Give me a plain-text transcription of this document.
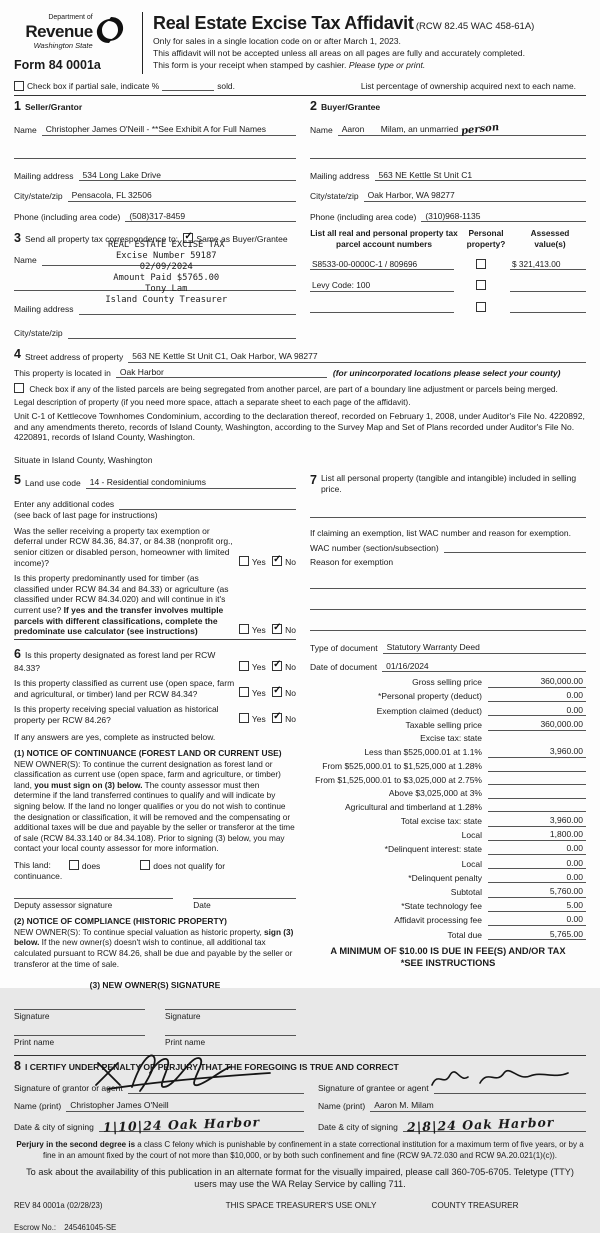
Department of
Revenue
Washington State
Form 84 0001a
Real Estate Excise Tax Affidavit (RCW 82.45 WAC 458-61A)
Only for sales in a single location code on or after March 1, 2023.
This affidavit will not be accepted unless all areas on all pages are fully and accurately completed.
This form is your receipt when stamped by cashier. Please type or print.
Check box if partial sale, indicate %	sold.	List percentage of ownership acquired next to each name.
1 Seller/Grantor
Name	Christopher James O'Neill - **See Exhibit A for Full Names
Mailing address	534 Long Lake Drive
City/state/zip	Pensacola, FL 32506
Phone (including area code)	(508)317-8459
2 Buyer/Grantee
Name	Aaron Milam, an unmarried person
Mailing address	563 NE Kettle St Unit C1
City/state/zip	Oak Harbor, WA 98277
Phone (including area code)	(310)968-1135
3 Send all property tax correspondence to: ✓ Same as Buyer/Grantee
Name
Mailing address
City/state/zip
REAL ESTATE EXCISE TAX
Excise Number 59187
02/09/2024
Amount Paid $5765.00
Tony Lam
Island County Treasurer
List all real and personal property tax parcel account numbers
Personal property?
Assessed value(s)
S8533-00-0000C-1 / 809696	$ 321,413.00
Levy Code: 100
4 Street address of property	563 NE Kettle St Unit C1, Oak Harbor, WA 98277
This property is located in	Oak Harbor	(for unincorporated locations please select your county)
Check box if any of the listed parcels are being segregated from another parcel, are part of a boundary line adjustment or parcels being merged.
Legal description of property (if you need more space, attach a separate sheet to each page of the affidavit).
Unit C-1 of Kettlecove Townhomes Condominium, according to the declaration thereof, recorded on February 1, 2008, under Auditor's File No. 4220892, and any amendments thereto, records of Island County, Washington, according to the Survey Map and Set of Plans recorded under Auditor's File No. 4220891, records of Island County, Washington.
Situate in Island County, Washington
5 Land use code	14 - Residential condominiums
Enter any additional codes
(see back of last page for instructions)
Was the seller receiving a property tax exemption or deferral under RCW 84.36, 84.37, or 84.38 (nonprofit org., senior citizen or disabled person, homeowner with limited income)?	Yes ✓ No
Is this property predominantly used for timber (as classified under RCW 84.34 and 84.33) or agriculture (as classified under RCW 84.34.020) and will continue in it's current use? If yes and the transfer involves multiple parcels with different classifications, complete the predominate use calculator (see instructions)	Yes ✓ No
6 Is this property designated as forest land per RCW 84.33?	Yes ✓ No
Is this property classified as current use (open space, farm and agricultural, or timber) land per RCW 84.34?	Yes ✓ No
Is this property receiving special valuation as historical property per RCW 84.26?	Yes ✓ No
If any answers are yes, complete as instructed below.
(1) NOTICE OF CONTINUANCE (FOREST LAND OR CURRENT USE)
NEW OWNER(S): To continue the current designation as forest land or classification as current use (open space, farm and agriculture, or timber) land, you must sign on (3) below. The county assessor must then determine if the land transferred continues to qualify and will indicate by signing below. If the land no longer qualifies or you do not wish to continue the designation or classification, it will be removed and the compensating or additional taxes will be due and payable by the seller or transferor at the time of sale (RCW 84.33.140 or 84.34.108). Prior to signing (3) below, you may contact your local county assessor for more information.
This land:	does	does not qualify for
continuance.
Deputy assessor signature	Date
(2) NOTICE OF COMPLIANCE (HISTORIC PROPERTY)
NEW OWNER(S): To continue special valuation as historic property, sign (3) below. If the new owner(s) doesn't wish to continue, all additional tax calculated pursuant to RCW 84.26, shall be due and payable by the seller or transferor at the time of sale.
(3) NEW OWNER(S) SIGNATURE
Signature	Signature
Print name	Print name
7 List all personal property (tangible and intangible) included in selling price.
If claiming an exemption, list WAC number and reason for exemption.
WAC number (section/subsection)
Reason for exemption
Type of document	Statutory Warranty Deed
Date of document	01/16/2024
Gross selling price	360,000.00
*Personal property (deduct)	0.00
Exemption claimed (deduct)	0.00
Taxable selling price	360,000.00
Excise tax: state
Less than $525,000.01 at 1.1%	3,960.00
From $525,000.01 to $1,525,000 at 1.28%
From $1,525,000.01 to $3,025,000 at 2.75%
Above $3,025,000 at 3%
Agricultural and timberland at 1.28%
Total excise tax: state	3,960.00
Local	1,800.00
*Delinquent interest: state	0.00
Local	0.00
*Delinquent penalty	0.00
Subtotal	5,760.00
*State technology fee	5.00
Affidavit processing fee	0.00
Total due	5,765.00
A MINIMUM OF $10.00 IS DUE IN FEE(S) AND/OR TAX
*SEE INSTRUCTIONS
8 I CERTIFY UNDER PENALTY OF PERJURY THAT THE FOREGOING IS TRUE AND CORRECT
Signature of grantor or agent
Name (print)	Christopher James O'Neill
Date & city of signing 1|10|24 Oak Harbor
Signature of grantee or agent
Name (print)	Aaron M. Milam
Date & city of signing 2|8|24 Oak Harbor

Perjury in the second degree is a class C felony which is punishable by confinement in a state correctional institution for a maximum term of five years, or by a fine in an amount fixed by the court of not more than $10,000, or by both such confinement and fine (RCW 9A.72.030 and RCW 9A.20.021(1)(c)).

To ask about the availability of this publication in an alternate format for the visually impaired, please call 360-705-6705. Teletype (TTY) users may use the WA Relay Service by calling 711.

REV 84 0001a (02/28/23)	THIS SPACE TREASURER'S USE ONLY	COUNTY TREASURER
Escrow No.: 245461045-SE
